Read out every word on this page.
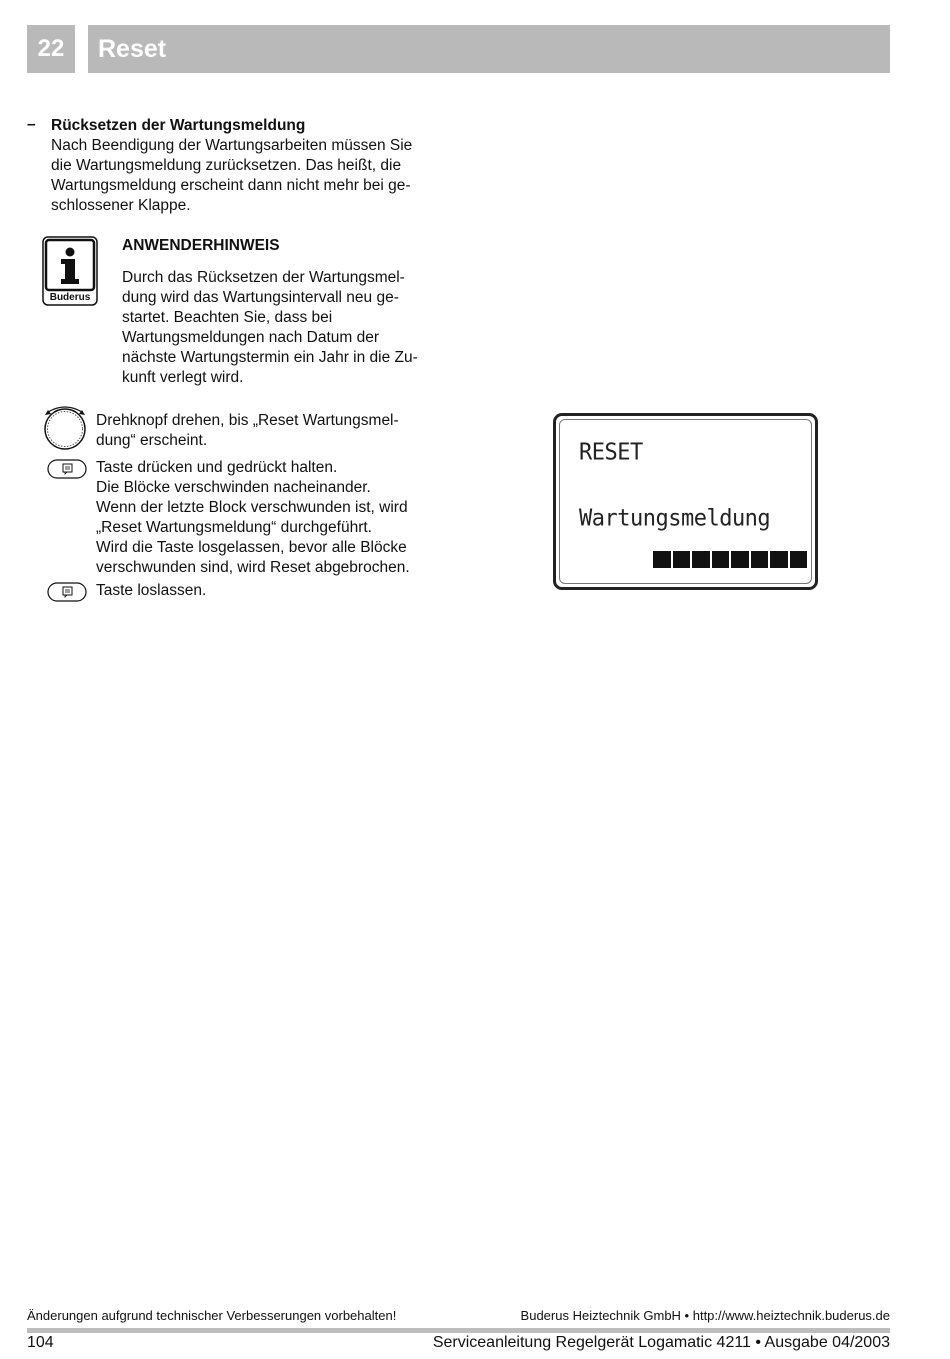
22	Reset
– Rücksetzen der Wartungsmeldung
Nach Beendigung der Wartungsarbeiten müssen Sie
die Wartungsmeldung zurücksetzen. Das heißt, die
Wartungsmeldung erscheint dann nicht mehr bei ge-
schlossener Klappe.
Buderus
ANWENDERHINWEIS
Durch das Rücksetzen der Wartungsmel-
dung wird das Wartungsintervall neu ge-
startet. Beachten Sie, dass bei
Wartungsmeldungen nach Datum der
nächste Wartungstermin ein Jahr in die Zu-
kunft verlegt wird.
Drehknopf drehen, bis „Reset Wartungsmel-
dung“ erscheint.
Taste drücken und gedrückt halten.
Die Blöcke verschwinden nacheinander.
Wenn der letzte Block verschwunden ist, wird
„Reset Wartungsmeldung“ durchgeführt.
Wird die Taste losgelassen, bevor alle Blöcke
verschwunden sind, wird Reset abgebrochen.
Taste loslassen.
RESET
Wartungsmeldung
Änderungen aufgrund technischer Verbesserungen vorbehalten!	Buderus Heiztechnik GmbH • http://www.heiztechnik.buderus.de
104	Serviceanleitung Regelgerät Logamatic 4211 • Ausgabe 04/2003
